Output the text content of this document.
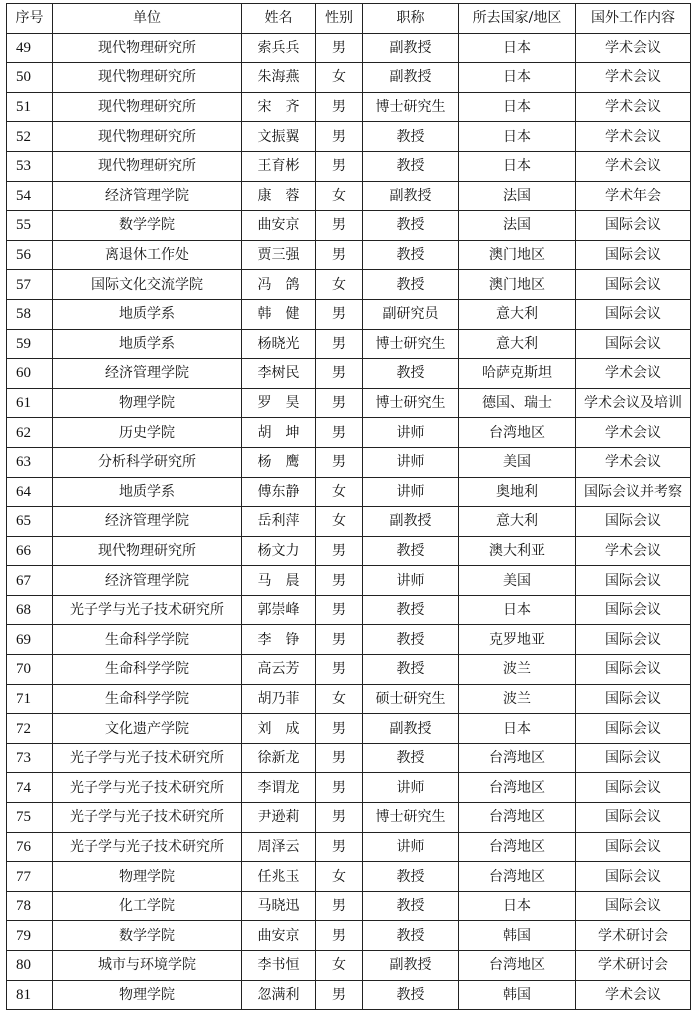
序号	单位	姓名	性别	职称	所去国家/地区	国外工作内容
49	现代物理研究所	索兵兵	男	副教授	日本	学术会议
50	现代物理研究所	朱海燕	女	副教授	日本	学术会议
51	现代物理研究所	宋　齐	男	博士研究生	日本	学术会议
52	现代物理研究所	文振翼	男	教授	日本	学术会议
53	现代物理研究所	王育彬	男	教授	日本	学术会议
54	经济管理学院	康　蓉	女	副教授	法国	学术年会
55	数学学院	曲安京	男	教授	法国	国际会议
56	离退休工作处	贾三强	男	教授	澳门地区	国际会议
57	国际文化交流学院	冯　鸽	女	教授	澳门地区	国际会议
58	地质学系	韩　健	男	副研究员	意大利	国际会议
59	地质学系	杨晓光	男	博士研究生	意大利	国际会议
60	经济管理学院	李树民	男	教授	哈萨克斯坦	学术会议
61	物理学院	罗　昊	男	博士研究生	德国、瑞士	学术会议及培训
62	历史学院	胡　坤	男	讲师	台湾地区	学术会议
63	分析科学研究所	杨　鹰	男	讲师	美国	学术会议
64	地质学系	傅东静	女	讲师	奥地利	国际会议并考察
65	经济管理学院	岳利萍	女	副教授	意大利	国际会议
66	现代物理研究所	杨文力	男	教授	澳大利亚	学术会议
67	经济管理学院	马　晨	男	讲师	美国	国际会议
68	光子学与光子技术研究所	郭崇峰	男	教授	日本	国际会议
69	生命科学学院	李　铮	男	教授	克罗地亚	国际会议
70	生命科学学院	高云芳	男	教授	波兰	国际会议
71	生命科学学院	胡乃菲	女	硕士研究生	波兰	国际会议
72	文化遗产学院	刘　成	男	副教授	日本	国际会议
73	光子学与光子技术研究所	徐新龙	男	教授	台湾地区	国际会议
74	光子学与光子技术研究所	李谓龙	男	讲师	台湾地区	国际会议
75	光子学与光子技术研究所	尹逊莉	男	博士研究生	台湾地区	国际会议
76	光子学与光子技术研究所	周泽云	男	讲师	台湾地区	国际会议
77	物理学院	任兆玉	女	教授	台湾地区	国际会议
78	化工学院	马晓迅	男	教授	日本	国际会议
79	数学学院	曲安京	男	教授	韩国	学术研讨会
80	城市与环境学院	李书恒	女	副教授	台湾地区	学术研讨会
81	物理学院	忽满利	男	教授	韩国	学术会议
